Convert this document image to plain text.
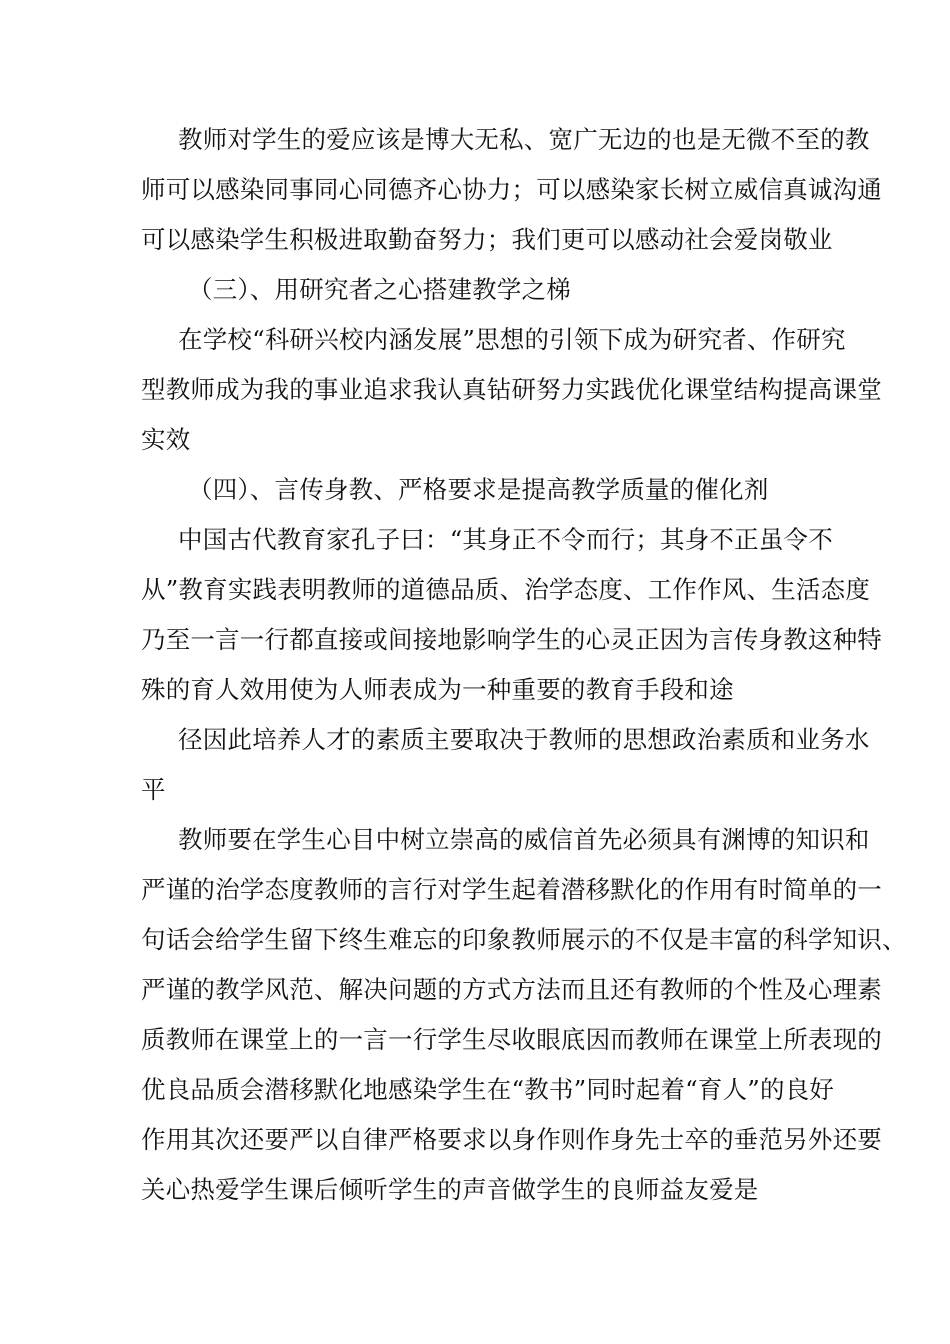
教师对学生的爱应该是博大无私、宽广无边的也是无微不至的教
师可以感染同事同心同德齐心协力；可以感染家长树立威信真诚沟通
可以感染学生积极进取勤奋努力；我们更可以感动社会爱岗敬业
（三）、用研究者之心搭建教学之梯
在学校“科研兴校内涵发展”思想的引领下成为研究者、作研究
型教师成为我的事业追求我认真钻研努力实践优化课堂结构提高课堂
实效
（四）、言传身教、严格要求是提高教学质量的催化剂
中国古代教育家孔子曰：“其身正不令而行；其身不正虽令不
从”教育实践表明教师的道德品质、治学态度、工作作风、生活态度
乃至一言一行都直接或间接地影响学生的心灵正因为言传身教这种特
殊的育人效用使为人师表成为一种重要的教育手段和途
径因此培养人才的素质主要取决于教师的思想政治素质和业务水
平
教师要在学生心目中树立崇高的威信首先必须具有渊博的知识和
严谨的治学态度教师的言行对学生起着潜移默化的作用有时简单的一
句话会给学生留下终生难忘的印象教师展示的不仅是丰富的科学知识、
严谨的教学风范、解决问题的方式方法而且还有教师的个性及心理素
质教师在课堂上的一言一行学生尽收眼底因而教师在课堂上所表现的
优良品质会潜移默化地感染学生在“教书”同时起着“育人”的良好
作用其次还要严以自律严格要求以身作则作身先士卒的垂范另外还要
关心热爱学生课后倾听学生的声音做学生的良师益友爱是
